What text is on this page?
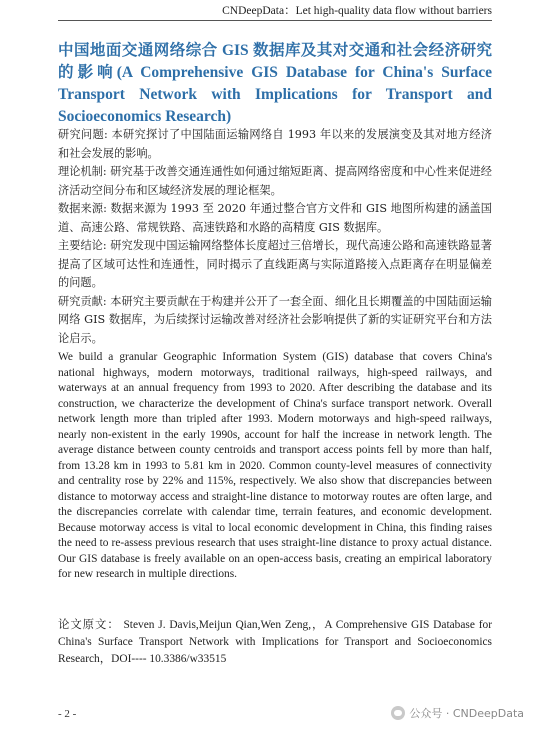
CNDeepData：Let high-quality data flow without barriers
中国地面交通网络综合 GIS 数据库及其对交通和社会经济研究的影响(A Comprehensive GIS Database for China's Surface Transport Network with Implications for Transport and Socioeconomics Research)

研究问题: 本研究探讨了中国陆面运输网络自 1993 年以来的发展演变及其对地方经济和社会发展的影响。

理论机制: 研究基于改善交通连通性如何通过缩短距离、提高网络密度和中心性来促进经济活动空间分布和区域经济发展的理论框架。

数据来源: 数据来源为 1993 至 2020 年通过整合官方文件和 GIS 地图所构建的涵盖国道、高速公路、常规铁路、高速铁路和水路的高精度 GIS 数据库。

主要结论: 研究发现中国运输网络整体长度超过三倍增长，现代高速公路和高速铁路显著提高了区域可达性和连通性，同时揭示了直线距离与实际道路接入点距离存在明显偏差的问题。

研究贡献: 本研究主要贡献在于构建并公开了一套全面、细化且长期覆盖的中国陆面运输网络 GIS 数据库，为后续探讨运输改善对经济社会影响提供了新的实证研究平台和方法论启示。

We build a granular Geographic Information System (GIS) database that covers China's national highways, modern motorways, traditional railways, high-speed railways, and waterways at an annual frequency from 1993 to 2020. After describing the database and its construction, we characterize the development of China's surface transport network. Overall network length more than tripled after 1993. Modern motorways and high-speed railways, nearly non-existent in the early 1990s, account for half the increase in network length. The average distance between county centroids and transport access points fell by more than half, from 13.28 km in 1993 to 5.81 km in 2020. Common county-level measures of connectivity and centrality rose by 22% and 115%, respectively. We also show that discrepancies between distance to motorway access and straight-line distance to motorway routes are often large, and the discrepancies correlate with calendar time, terrain features, and economic development. Because motorway access is vital to local economic development in China, this finding raises the need to re-assess previous research that uses straight-line distance to proxy actual distance. Our GIS database is freely available on an open-access basis, creating an empirical laboratory for new research in multiple directions.

论文原文： Steven J. Davis,Meijun Qian,Wen Zeng,，A Comprehensive GIS Database for China's Surface Transport Network with Implications for Transport and Socioeconomics Research，DOI---- 10.3386/w33515

- 2 -	公众号 · CNDeepData
